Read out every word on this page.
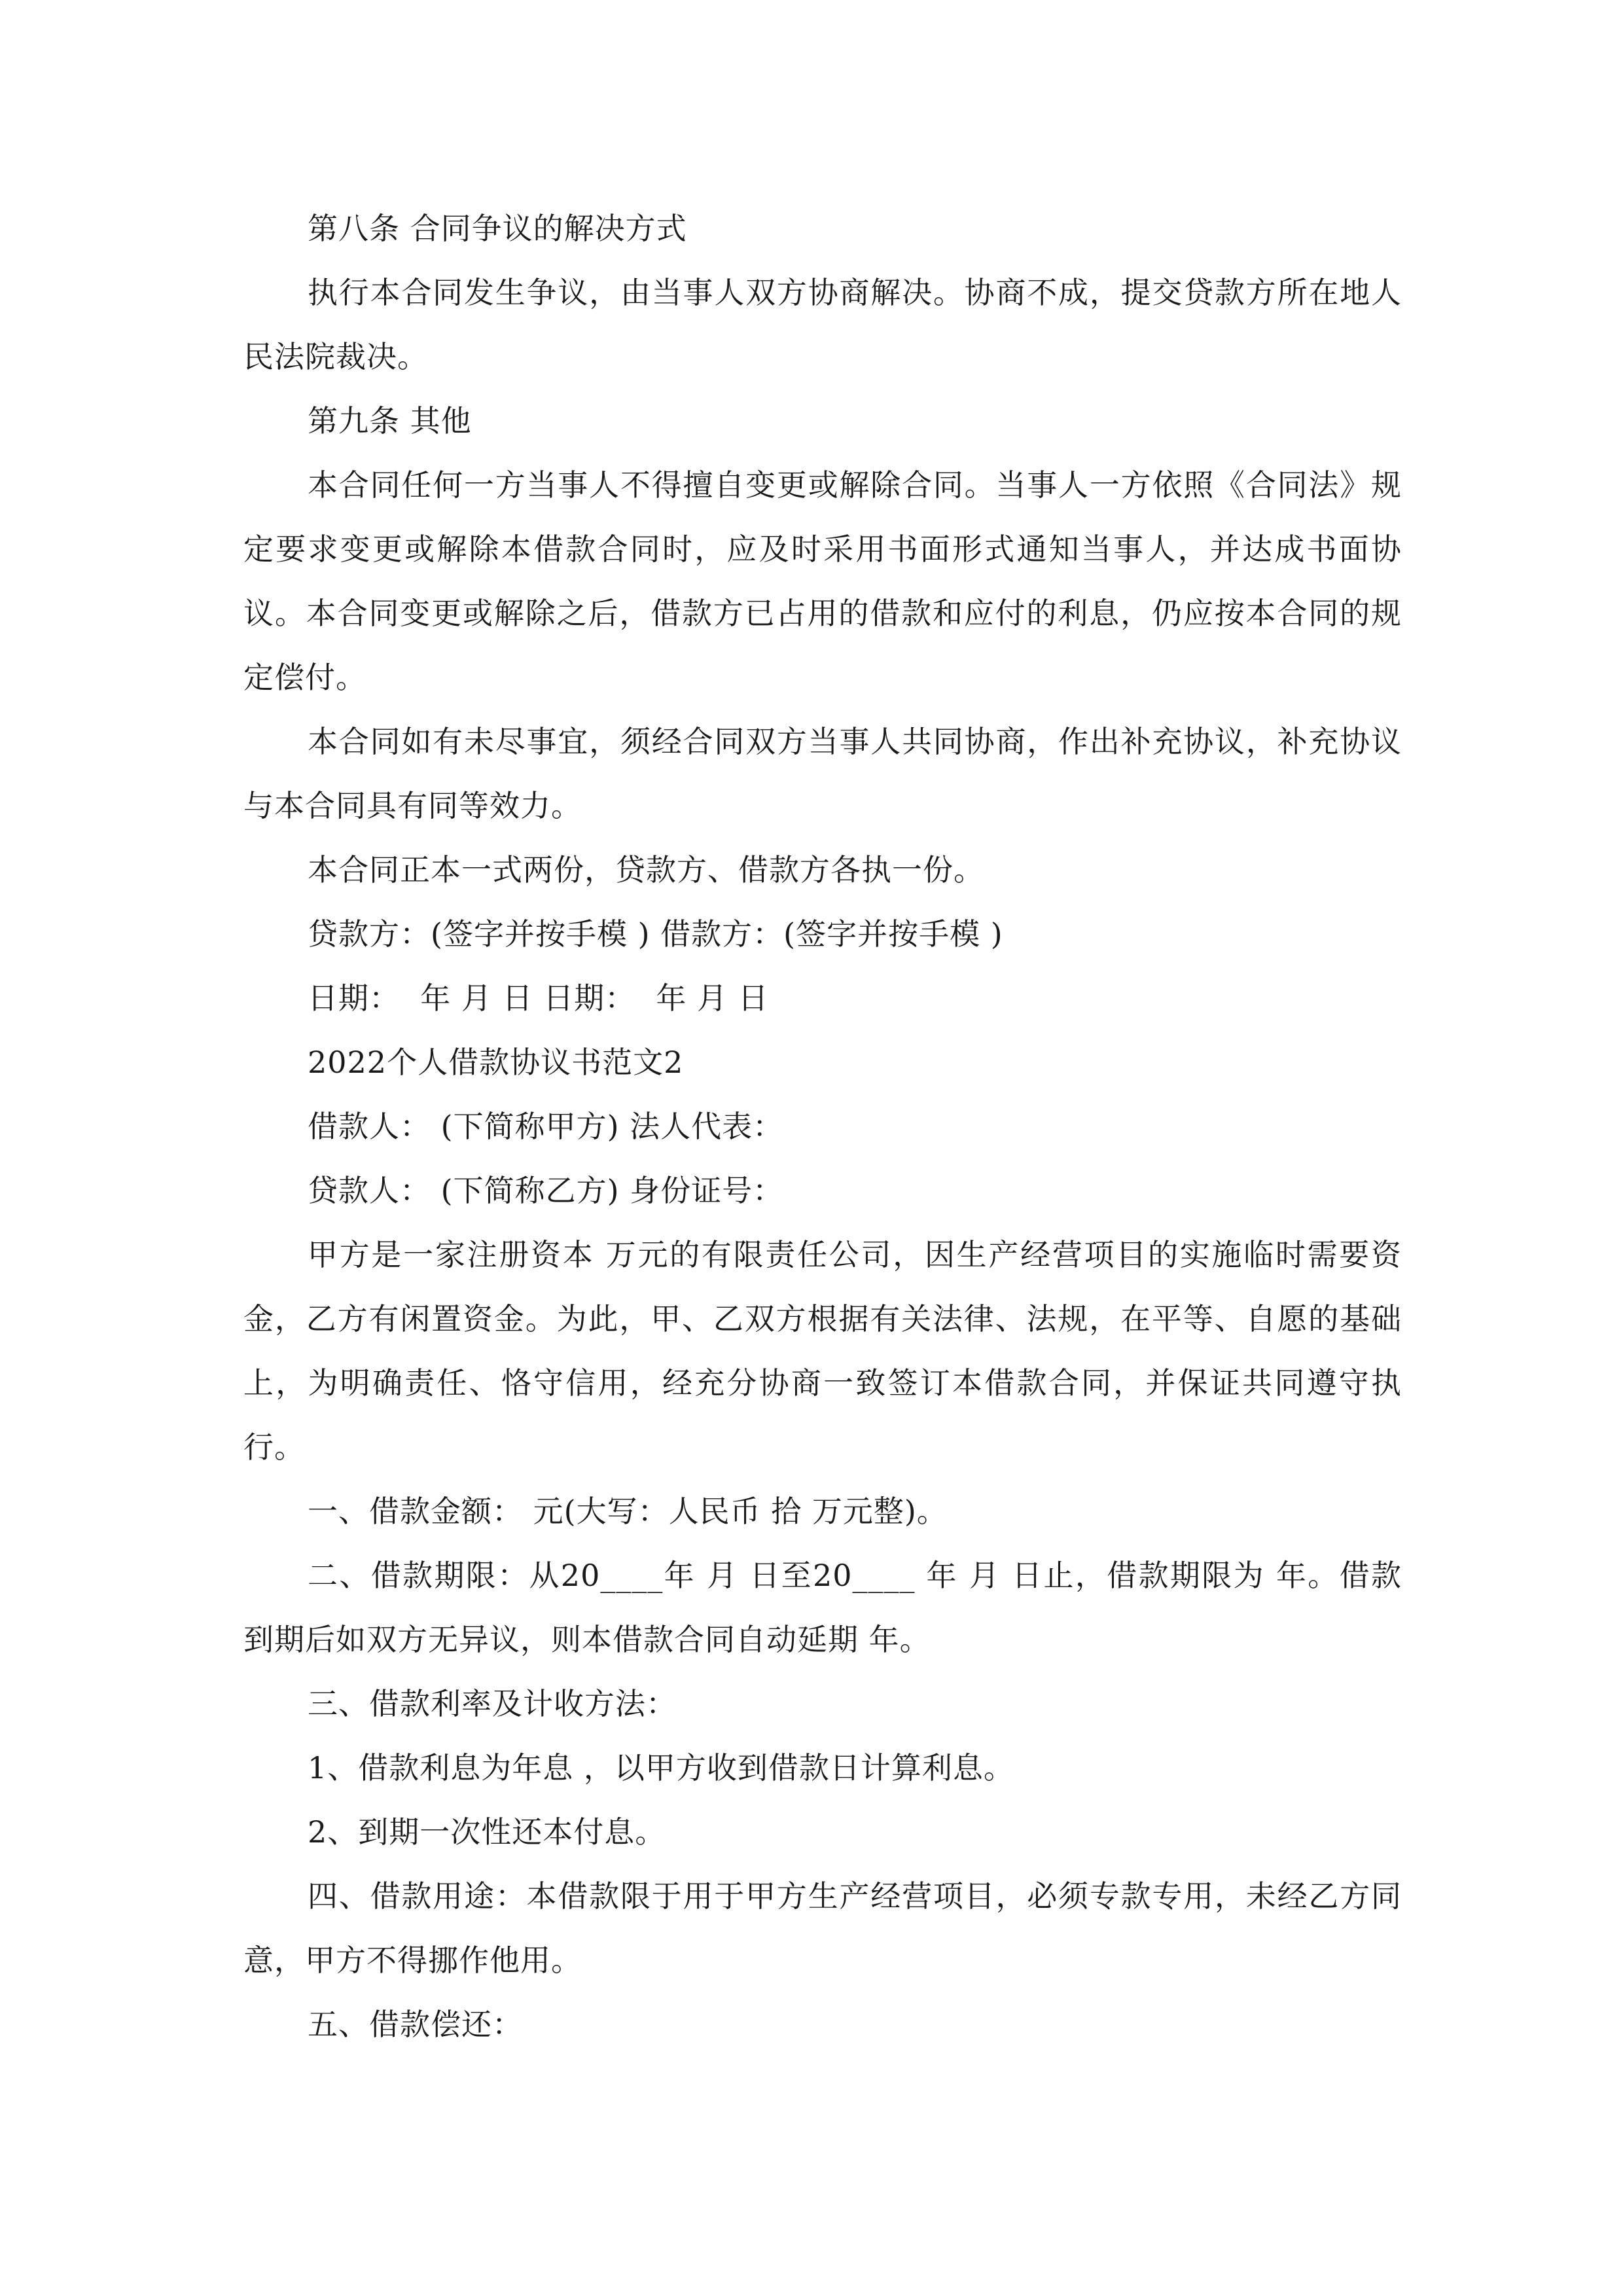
第八条 合同争议的解决方式

执行本合同发生争议，由当事人双方协商解决。协商不成，提交贷款方所在地人民法院裁决。

第九条 其他

本合同任何一方当事人不得擅自变更或解除合同。当事人一方依照《合同法》规定要求变更或解除本借款合同时，应及时采用书面形式通知当事人，并达成书面协议。本合同变更或解除之后，借款方已占用的借款和应付的利息，仍应按本合同的规定偿付。

本合同如有未尽事宜，须经合同双方当事人共同协商，作出补充协议，补充协议与本合同具有同等效力。

本合同正本一式两份，贷款方、借款方各执一份。

贷款方：(签字并按手模 ) 借款方：(签字并按手模 )

日期：  年 月 日 日期：  年 月 日

2022个人借款协议书范文2

借款人： (下简称甲方) 法人代表：

贷款人： (下简称乙方) 身份证号：

甲方是一家注册资本 万元的有限责任公司，因生产经营项目的实施临时需要资金，乙方有闲置资金。为此，甲、乙双方根据有关法律、法规，在平等、自愿的基础上，为明确责任、恪守信用，经充分协商一致签订本借款合同，并保证共同遵守执行。

一、借款金额： 元(大写：人民币 拾 万元整)。

二、借款期限：从20____年 月 日至20____ 年 月 日止，借款期限为 年。借款到期后如双方无异议，则本借款合同自动延期 年。

三、借款利率及计收方法：

1、借款利息为年息 ，以甲方收到借款日计算利息。

2、到期一次性还本付息。

四、借款用途：本借款限于用于甲方生产经营项目，必须专款专用，未经乙方同意，甲方不得挪作他用。

五、借款偿还：
